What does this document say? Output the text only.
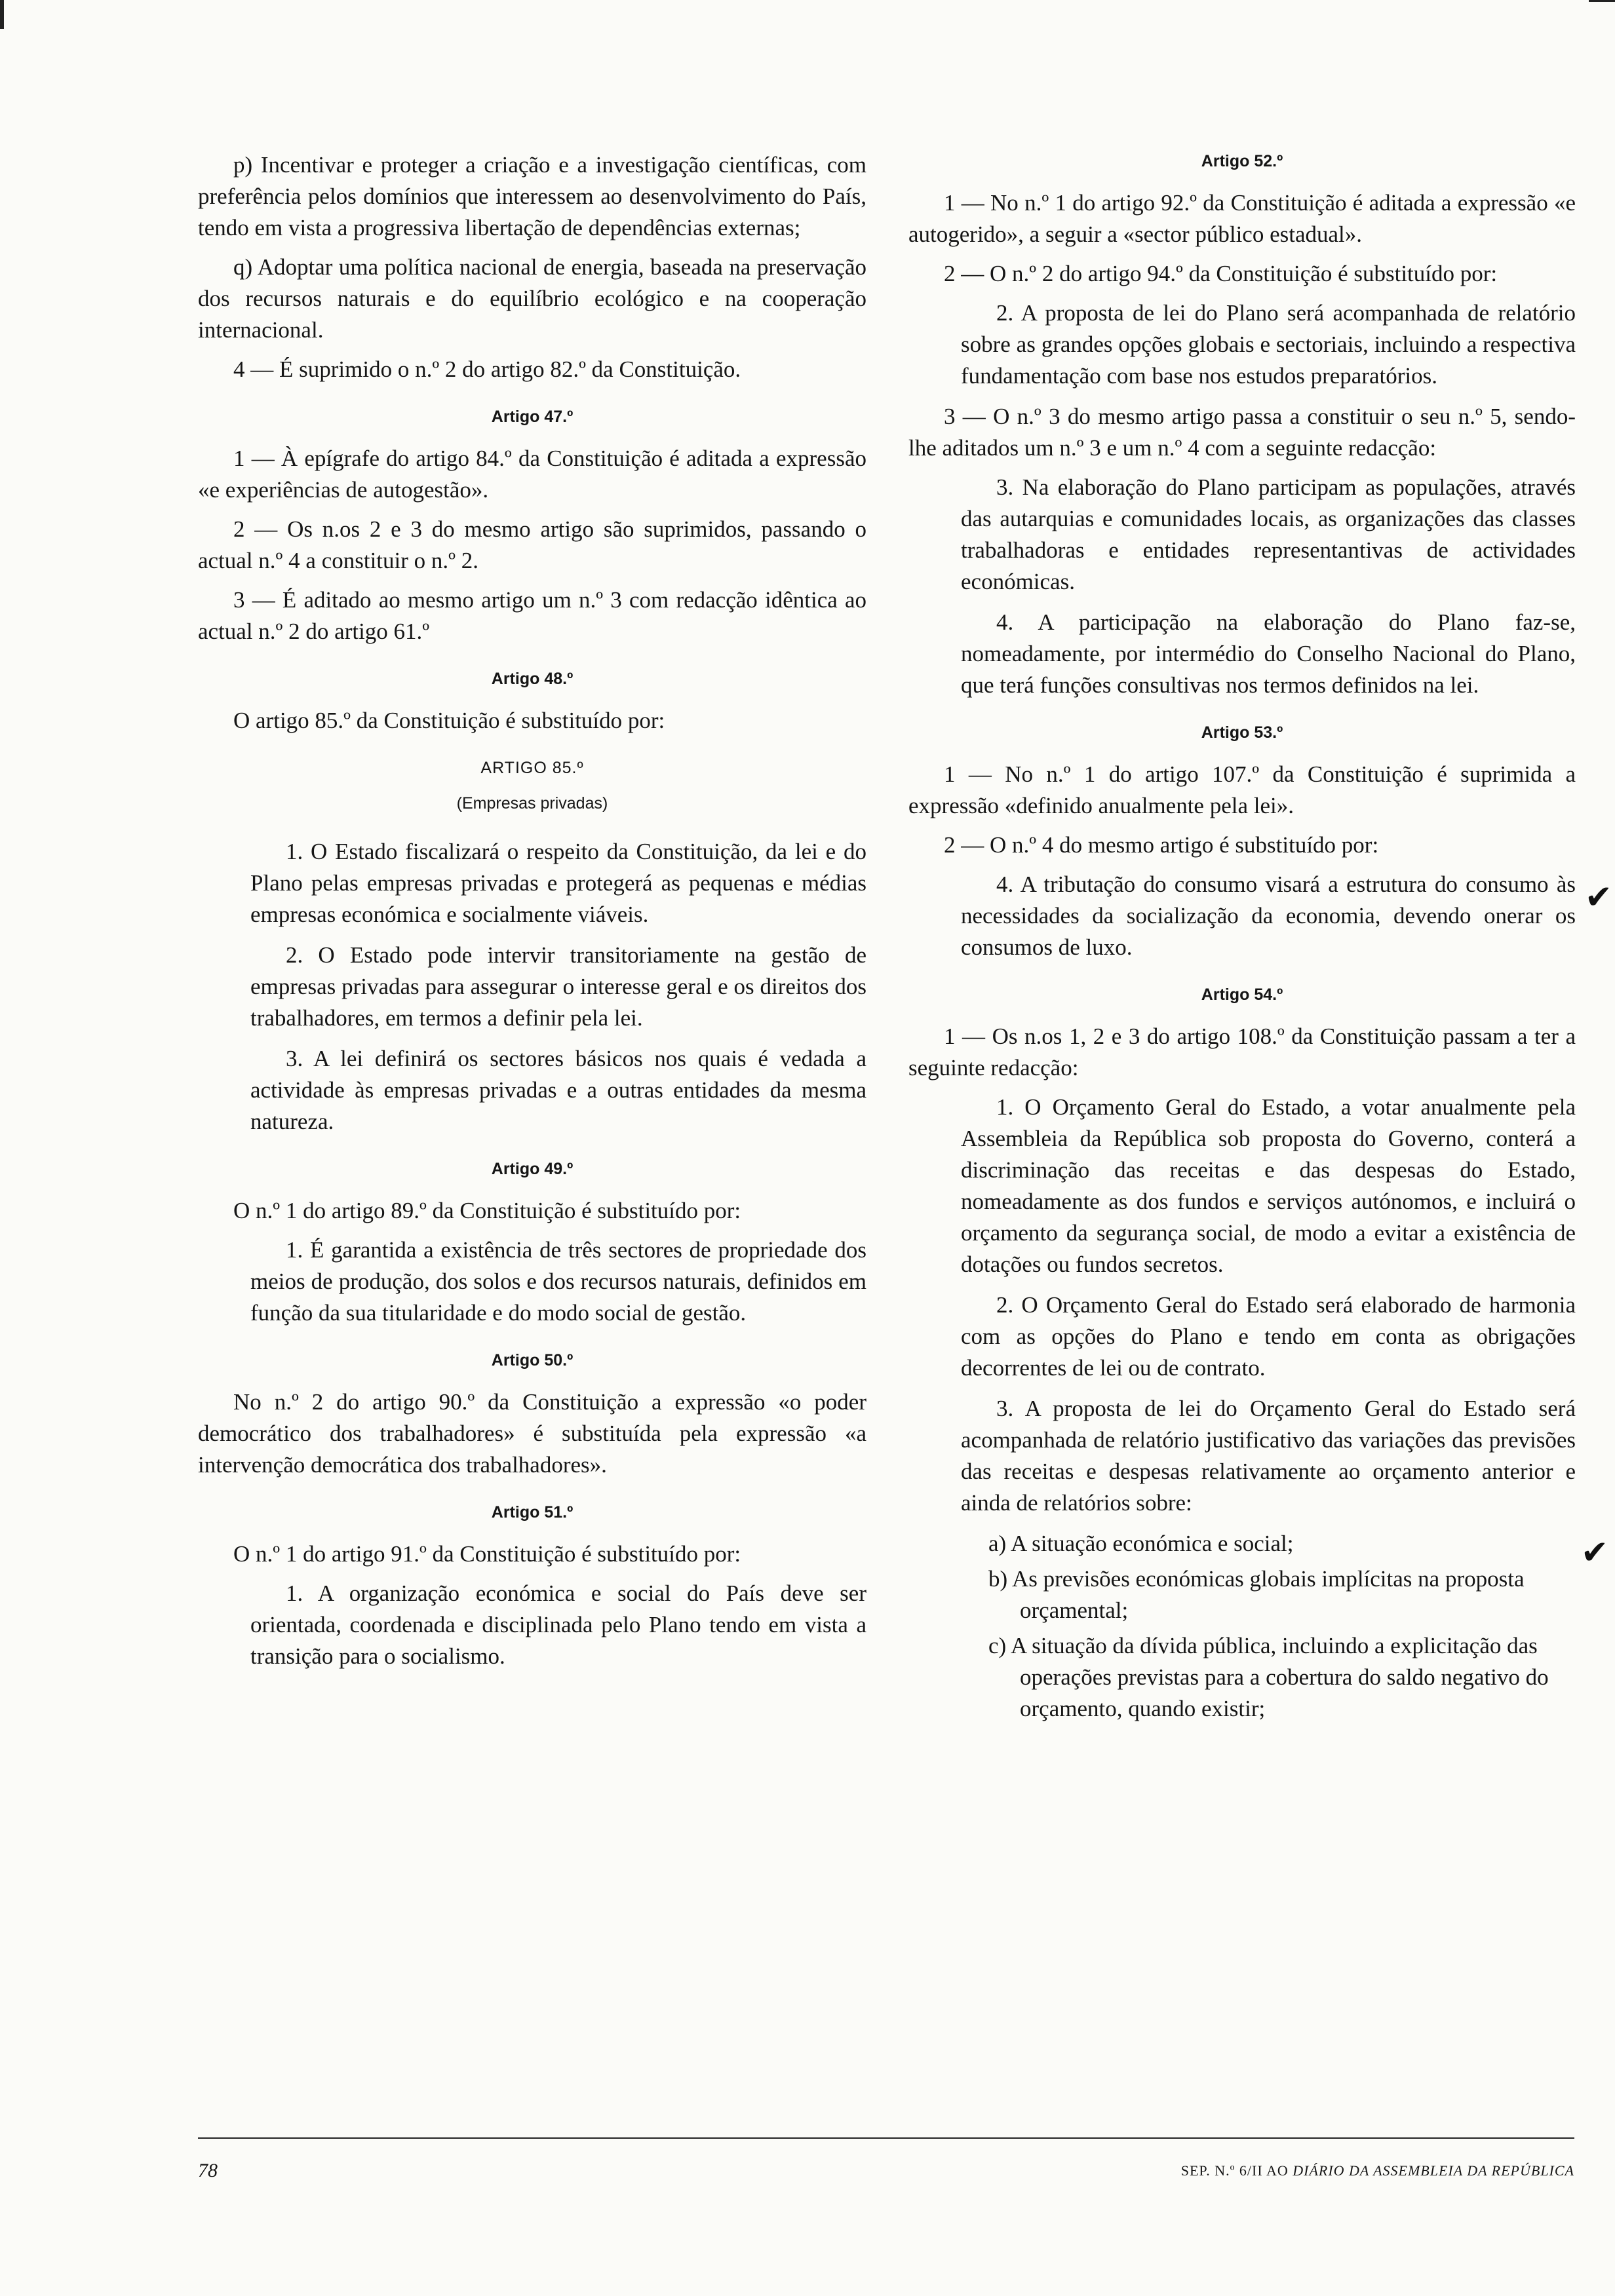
p) Incentivar e proteger a criação e a investigação científicas, com preferência pelos domínios que interessem ao desenvolvimento do País, tendo em vista a progressiva libertação de dependências externas;

q) Adoptar uma política nacional de energia, baseada na preservação dos recursos naturais e do equilíbrio ecológico e na cooperação internacional.

4 — É suprimido o n.º 2 do artigo 82.º da Constituição.

Artigo 47.º

1 — À epígrafe do artigo 84.º da Constituição é aditada a expressão «e experiências de autogestão».

2 — Os n.os 2 e 3 do mesmo artigo são suprimidos, passando o actual n.º 4 a constituir o n.º 2.

3 — É aditado ao mesmo artigo um n.º 3 com redacção idêntica ao actual n.º 2 do artigo 61.º

Artigo 48.º

O artigo 85.º da Constituição é substituído por:

ARTIGO 85.º
(Empresas privadas)

1. O Estado fiscalizará o respeito da Constituição, da lei e do Plano pelas empresas privadas e protegerá as pequenas e médias empresas económica e socialmente viáveis.

2. O Estado pode intervir transitoriamente na gestão de empresas privadas para assegurar o interesse geral e os direitos dos trabalhadores, em termos a definir pela lei.

3. A lei definirá os sectores básicos nos quais é vedada a actividade às empresas privadas e a outras entidades da mesma natureza.

Artigo 49.º

O n.º 1 do artigo 89.º da Constituição é substituído por:

1. É garantida a existência de três sectores de propriedade dos meios de produção, dos solos e dos recursos naturais, definidos em função da sua titularidade e do modo social de gestão.

Artigo 50.º

No n.º 2 do artigo 90.º da Constituição a expressão «o poder democrático dos trabalhadores» é substituída pela expressão «a intervenção democrática dos trabalhadores».

Artigo 51.º

O n.º 1 do artigo 91.º da Constituição é substituído por:

1. A organização económica e social do País deve ser orientada, coordenada e disciplinada pelo Plano tendo em vista a transição para o socialismo.

Artigo 52.º

1 — No n.º 1 do artigo 92.º da Constituição é aditada a expressão «e autogerido», a seguir a «sector público estadual».

2 — O n.º 2 do artigo 94.º da Constituição é substituído por:

2. A proposta de lei do Plano será acompanhada de relatório sobre as grandes opções globais e sectoriais, incluindo a respectiva fundamentação com base nos estudos preparatórios.

3 — O n.º 3 do mesmo artigo passa a constituir o seu n.º 5, sendo-lhe aditados um n.º 3 e um n.º 4 com a seguinte redacção:

3. Na elaboração do Plano participam as populações, através das autarquias e comunidades locais, as organizações das classes trabalhadoras e entidades representantivas de actividades económicas.

4. A participação na elaboração do Plano faz-se, nomeadamente, por intermédio do Conselho Nacional do Plano, que terá funções consultivas nos termos definidos na lei.

Artigo 53.º

1 — No n.º 1 do artigo 107.º da Constituição é suprimida a expressão «definido anualmente pela lei».

2 — O n.º 4 do mesmo artigo é substituído por:

4. A tributação do consumo visará a estrutura do consumo às necessidades da socialização da economia, devendo onerar os consumos de luxo.

Artigo 54.º

1 — Os n.os 1, 2 e 3 do artigo 108.º da Constituição passam a ter a seguinte redacção:

1. O Orçamento Geral do Estado, a votar anualmente pela Assembleia da República sob proposta do Governo, conterá a discriminação das receitas e das despesas do Estado, nomeadamente as dos fundos e serviços autónomos, e incluirá o orçamento da segurança social, de modo a evitar a existência de dotações ou fundos secretos.

2. O Orçamento Geral do Estado será elaborado de harmonia com as opções do Plano e tendo em conta as obrigações decorrentes de lei ou de contrato.

3. A proposta de lei do Orçamento Geral do Estado será acompanhada de relatório justificativo das variações das previsões das receitas e despesas relativamente ao orçamento anterior e ainda de relatórios sobre:

a) A situação económica e social;

b) As previsões económicas globais implícitas na proposta orçamental;

c) A situação da dívida pública, incluindo a explicitação das operações previstas para a cobertura do saldo negativo do orçamento, quando existir;

✔
✔
78	SEP. N.º 6/II AO DIÁRIO DA ASSEMBLEIA DA REPÚBLICA
